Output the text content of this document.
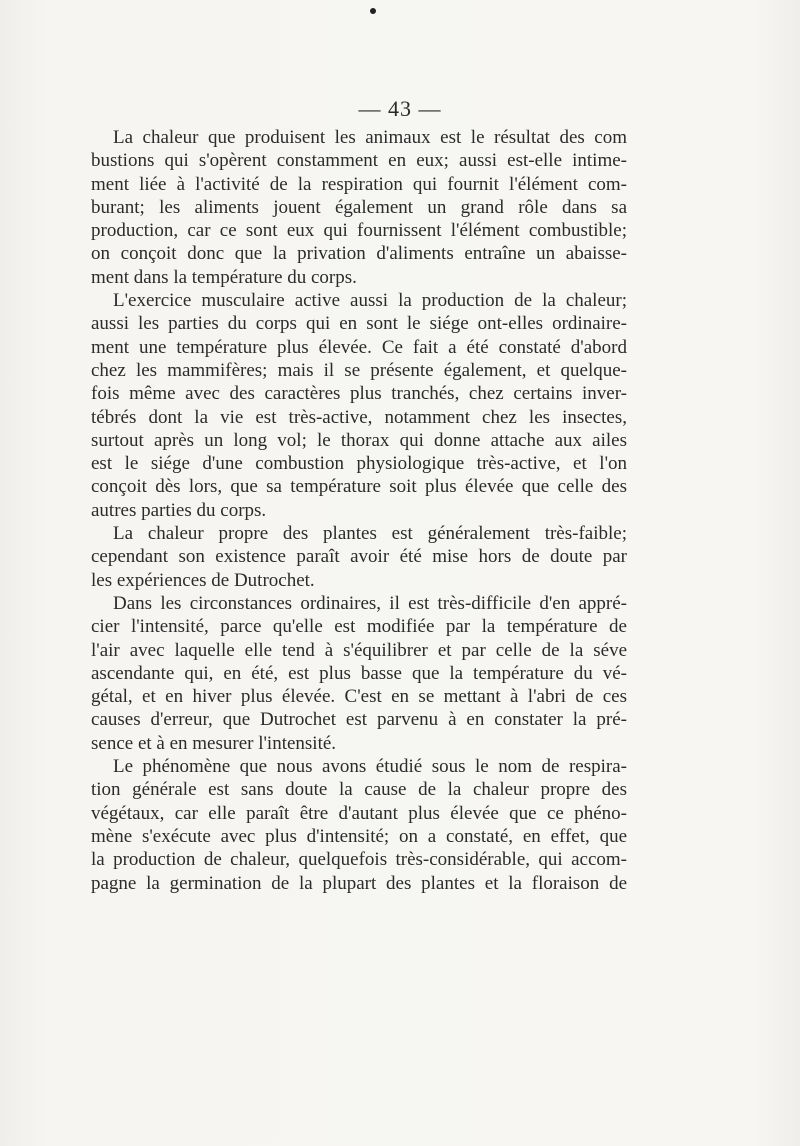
— 43 —
La chaleur que produisent les animaux est le résultat des com
bustions qui s'opèrent constamment en eux; aussi est-elle intime-
ment liée à l'activité de la respiration qui fournit l'élément com-
burant; les aliments jouent également un grand rôle dans sa
production, car ce sont eux qui fournissent l'élément combustible;
on conçoit donc que la privation d'aliments entraîne un abaisse-
ment dans la température du corps.
L'exercice musculaire active aussi la production de la chaleur;
aussi les parties du corps qui en sont le siége ont-elles ordinaire-
ment une température plus élevée. Ce fait a été constaté d'abord
chez les mammifères; mais il se présente également, et quelque-
fois même avec des caractères plus tranchés, chez certains inver-
tébrés dont la vie est très-active, notamment chez les insectes,
surtout après un long vol; le thorax qui donne attache aux ailes
est le siége d'une combustion physiologique très-active, et l'on
conçoit dès lors, que sa température soit plus élevée que celle des
autres parties du corps.
La chaleur propre des plantes est généralement très-faible;
cependant son existence paraît avoir été mise hors de doute par
les expériences de Dutrochet.
Dans les circonstances ordinaires, il est très-difficile d'en appré-
cier l'intensité, parce qu'elle est modifiée par la température de
l'air avec laquelle elle tend à s'équilibrer et par celle de la séve
ascendante qui, en été, est plus basse que la température du vé-
gétal, et en hiver plus élevée. C'est en se mettant à l'abri de ces
causes d'erreur, que Dutrochet est parvenu à en constater la pré-
sence et à en mesurer l'intensité.
Le phénomène que nous avons étudié sous le nom de respira-
tion générale est sans doute la cause de la chaleur propre des
végétaux, car elle paraît être d'autant plus élevée que ce phéno-
mène s'exécute avec plus d'intensité; on a constaté, en effet, que
la production de chaleur, quelquefois très-considérable, qui accom-
pagne la germination de la plupart des plantes et la floraison de
